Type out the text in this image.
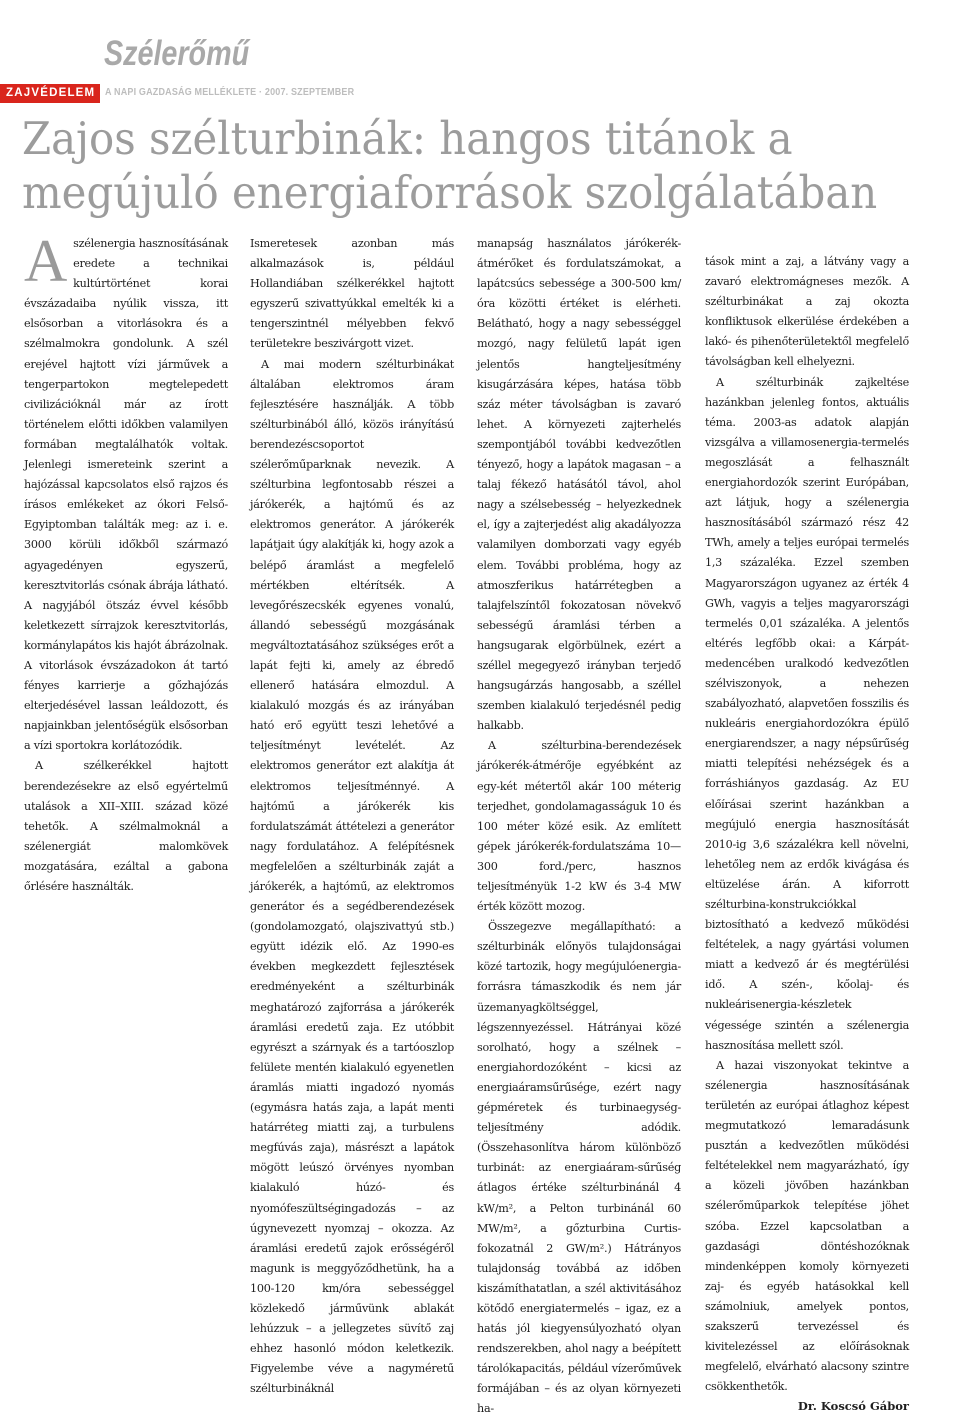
Szélerőmű
ZAJVÉDELEM A NAPI GAZDASÁG MELLÉKLETE · 2007. SZEPTEMBER
Zajos szélturbinák: hangos titánok a
megújuló energiaforrások szolgálatában

Aszélenergia hasznosításának eredete a technikai kultúrtörténet korai évszázadaiba nyúlik vissza, itt elsősorban a vitorlásokra és a szélmalmokra gondolunk. A szél erejével hajtott vízi járművek a tengerpartokon megtelepedett civilizációknál már az írott történelem előtti időkben valamilyen formában megtalálhatók voltak. Jelenlegi ismereteink szerint a hajózással kapcsolatos első rajzos és írásos emlékeket az ókori Felső-Egyiptomban találták meg: az i. e. 3000 körüli időkből származó agyagedényen egyszerű, keresztvitorlás csónak ábrája látható. A nagyjából ötszáz évvel később keletkezett sírrajzok keresztvitorlás, kormánylapátos kis hajót ábrázolnak. A vitorlások évszázadokon át tartó fényes karrierje a gőzhajózás elterjedésével lassan leáldozott, és napjainkban jelentőségük elsősorban a vízi sportokra korlátozódik.

A szélkerékkel hajtott berendezésekre az első egyértelmű utalások a XII–XIII. század közé tehetők. A szélmalmoknál a szélenergiát malomkövek mozgatására, ezáltal a gabona őrlésére használták.

Ismeretesek azonban más alkalmazások is, például Hollandiában szélkerékkel hajtott egyszerű szivattyúkkal emelték ki a tengerszintnél mélyebben fekvő területekre beszivárgott vizet.

A mai modern szélturbinákat általában elektromos áram fejlesztésére használják. A több szélturbinából álló, közös irányítású berendezéscsoportot szélerőműparknak nevezik. A szélturbina legfontosabb részei a járókerék, a hajtómű és az elektromos generátor. A járókerék lapátjait úgy alakítják ki, hogy azok a belépő áramlást a megfelelő mértékben eltérítsék. A levegőrészecskék egyenes vonalú, állandó sebességű mozgásának megváltoztatásához szükséges erőt a lapát fejti ki, amely az ébredő ellenerő hatására elmozdul. A kialakuló mozgás és az irányában ható erő együtt teszi lehetővé a teljesítményt levételét. Az elektromos generátor ezt alakítja át elektromos teljesítménnyé. A hajtómű a járókerék kis fordulatszámát áttételezi a generátor nagy fordulatához. A felépítésnek megfelelően a szélturbinák zaját a járókerék, a hajtómű, az elektromos generátor és a segédberendezések (gondolamozgató, olajszivattyú stb.) együtt idézik elő. Az 1990-es években megkezdett fejlesztések eredményeként a szélturbinák meghatározó zajforrása a járókerék áramlási eredetű zaja. Ez utóbbit egyrészt a szárnyak és a tartóoszlop felülete mentén kialakuló egyenetlen áramlás miatti ingadozó nyomás (egymásra hatás zaja, a lapát menti határréteg miatti zaj, a turbulens megfúvás zaja), másrészt a lapátok mögött leúszó örvényes nyomban kialakuló húzó- és nyomófeszültségingadozás – az úgynevezett nyomzaj – okozza. Az áramlási eredetű zajok erősségéről magunk is meggyőződhetünk, ha a 100-120 km/óra sebességgel közlekedő járművünk ablakát lehúzzuk – a jellegzetes süvítő zaj ehhez hasonló módon keletkezik. Figyelembe véve a nagyméretű szélturbináknál

manapság használatos járókerék-átmérőket és fordulatszámokat, a lapátcsúcs sebessége a 300-500 km/óra közötti értéket is elérheti. Belátható, hogy a nagy sebességgel mozgó, nagy felületű lapát igen jelentős hangteljesítmény kisugárzására képes, hatása több száz méter távolságban is zavaró lehet. A környezeti zajterhelés szempontjából további kedvezőtlen tényező, hogy a lapátok magasan – a talaj fékező hatásától távol, ahol nagy a szélsebesség – helyezkednek el, így a zajterjedést alig akadályozza valamilyen domborzati vagy egyéb elem. További probléma, hogy az atmoszferikus határrétegben a talajfelszíntől fokozatosan növekvő sebességű áramlási térben a hangsugarak elgörbülnek, ezért a széllel megegyező irányban terjedő hangsugárzás hangosabb, a széllel szemben kialakuló terjedésnél pedig halkabb.

A szélturbina-berendezések járókerék-átmérője egyébként az egy-két métertől akár 100 méterig terjedhet, gondolamagasságuk 10 és 100 méter közé esik. Az említett gépek járókerék-fordulatszáma 10—300 ford./perc, hasznos teljesítményük 1-2 kW és 3-4 MW érték között mozog.

Összegezve megállapítható: a szélturbinák előnyös tulajdonságai közé tartozik, hogy megújulóenergia-forrásra támaszkodik és nem jár üzemanyagköltséggel, légszennyezéssel. Hátrányai közé sorolható, hogy a szélnek – energiahordozóként – kicsi az energiaáramsűrűsége, ezért nagy gépméretek és turbinaegység-teljesítmény adódik. (Összehasonlítva három különböző turbinát: az energiaáram-sűrűség átlagos értéke szélturbinánál 4 kW/m², a Pelton turbinánál 60 MW/m², a gőzturbina Curtis-fokozatnál 2 GW/m².) Hátrányos tulajdonság továbbá az időben kiszámíthatatlan, a szél aktivitásához kötődő energiatermelés – igaz, ez a hatás jól kiegyensúlyozható olyan rendszerekben, ahol nagy a beépített tárolókapacitás, például vízerőművek formájában – és az olyan környezeti ha-

tások mint a zaj, a látvány vagy a zavaró elektromágneses mezők. A szélturbinákat a zaj okozta konfliktusok elkerülése érdekében a lakó- és pihenőterületektől megfelelő távolságban kell elhelyezni.

A szélturbinák zajkeltése hazánkban jelenleg fontos, aktuális téma. 2003-as adatok alapján vizsgálva a villamosenergia-termelés megoszlását a felhasznált energiahordozók szerint Európában, azt látjuk, hogy a szélenergia hasznosításából származó rész 42 TWh, amely a teljes európai termelés 1,3 százaléka. Ezzel szemben Magyarországon ugyanez az érték 4 GWh, vagyis a teljes magyarországi termelés 0,01 százaléka. A jelentős eltérés legfőbb okai: a Kárpát-medencében uralkodó kedvezőtlen szélviszonyok, a nehezen szabályozható, alapvetően fosszilis és nukleáris energiahordozókra épülő energiarendszer, a nagy népsűrűség miatti telepítési nehézségek és a forráshiányos gazdaság. Az EU előírásai szerint hazánkban a megújuló energia hasznosítását 2010-ig 3,6 százalékra kell növelni, lehetőleg nem az erdők kivágása és eltüzelése árán. A kiforrott szélturbina-konstrukciókkal biztosítható a kedvező működési feltételek, a nagy gyártási volumen miatt a kedvező ár és megtérülési idő. A szén-, kőolaj- és nukleárisenergia-készletek végessége szintén a szélenergia hasznosítása mellett szól.

A hazai viszonyokat tekintve a szélenergia hasznosításának területén az európai átlaghoz képest megmutatkozó lemaradásunk pusztán a kedvezőtlen működési feltételekkel nem magyarázható, így a közeli jövőben hazánkban szélerőműparkok telepítése jöhet szóba. Ezzel kapcsolatban a gazdasági döntéshozóknak mindenképpen komoly környezeti zaj- és egyéb hatásokkal kell számolniuk, amelyek pontos, szakszerű tervezéssel és kivitelezéssel az előírásoknak megfelelő, elvárható alacsony szintre csökkenthetők.

Dr. Koscsó Gábor
